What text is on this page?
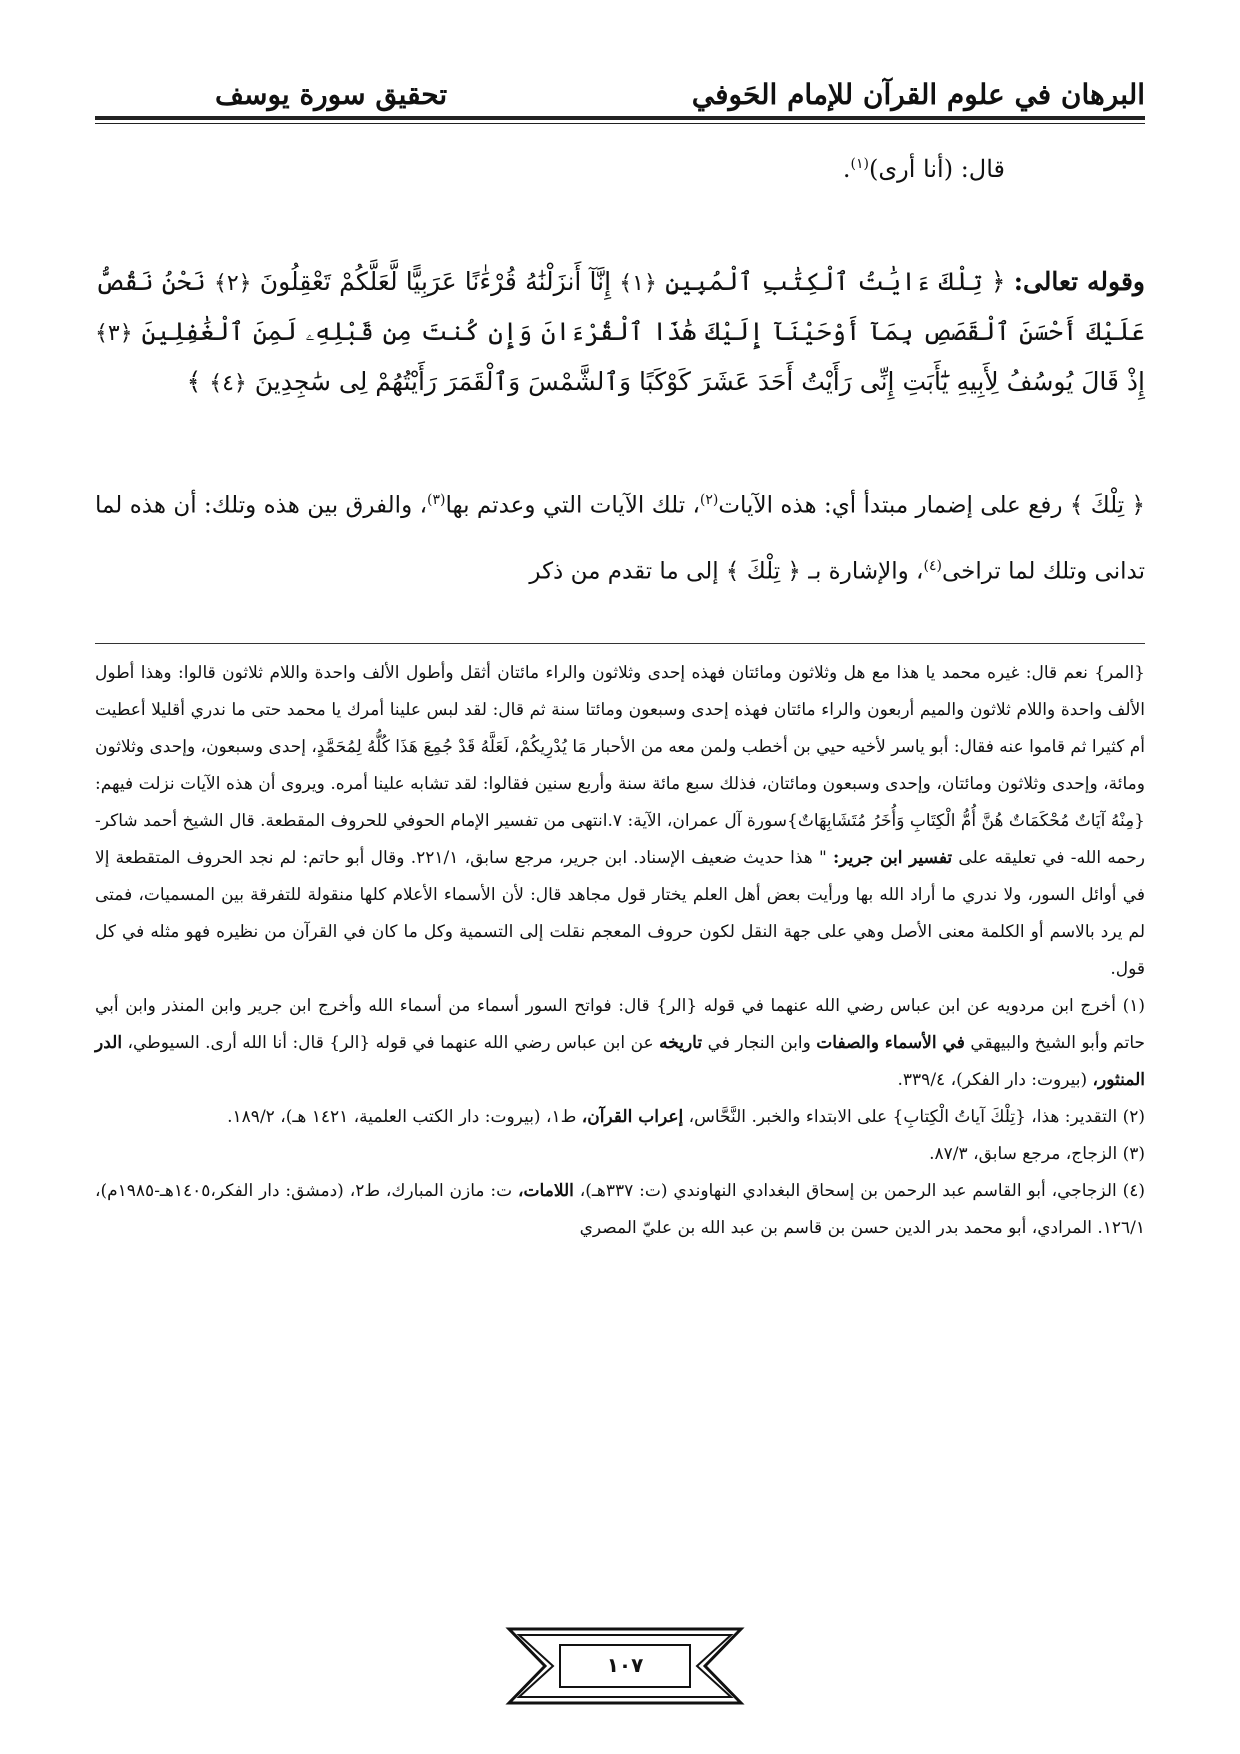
البرهان في علوم القرآن للإمام الحَوفي
تحقيق سورة يوسف
قال: (أنا أرى)$^{(١)}$.
وقوله تعالى: ﴿ تِلْكَ ءَايَٰتُ ٱلْكِتَٰبِ ٱلْمُبِينِ ﴿١﴾ إِنَّآ أَنزَلْنَٰهُ قُرْءَٰنًا عَرَبِيًّا لَّعَلَّكُمْ تَعْقِلُونَ ﴿٢﴾ نَحْنُ نَقُصُّ عَلَيْكَ أَحْسَنَ ٱلْقَصَصِ بِمَآ أَوْحَيْنَآ إِلَيْكَ هَٰذَا ٱلْقُرْءَانَ وَإِن كُنتَ مِن قَبْلِهِۦ لَمِنَ ٱلْغَٰفِلِينَ ﴿٣﴾ إِذْ قَالَ يُوسُفُ لِأَبِيهِ يَٰٓأَبَتِ إِنِّى رَأَيْتُ أَحَدَ عَشَرَ كَوْكَبًا وَٱلشَّمْسَ وَٱلْقَمَرَ رَأَيْتُهُمْ لِى سَٰجِدِينَ ﴿٤﴾ ﴾
﴿ تِلْكَ ﴾ رفع على إضمار مبتدأ أي: هذه الآيات$^{(٢)}$، تلك الآيات التي وعدتم بها$^{(٣)}$، والفرق بين هذه وتلك: أن هذه لما تدانى وتلك لما تراخى$^{(٤)}$، والإشارة بـ ﴿ تِلْكَ ﴾ إلى ما تقدم من ذكر

{المر} نعم قال: غيره محمد يا هذا مع هل وثلاثون ومائتان فهذه إحدى وثلاثون والراء مائتان أثقل وأطول الألف واحدة واللام ثلاثون قالوا: وهذا أطول الألف واحدة واللام ثلاثون والميم أربعون والراء مائتان فهذه إحدى وسبعون ومائتا سنة ثم قال: لقد لبس علينا أمرك يا محمد حتى ما ندري أقليلا أعطيت أم كثيرا ثم قاموا عنه فقال: أبو ياسر لأخيه حيي بن أخطب ولمن معه من الأحبار مَا يُدْرِيكُمْ، لَعَلَّهُ قَدْ جُمِعَ هَذَا كُلُّهُ لِمُحَمَّدٍ، إحدى وسبعون، وإحدى وثلاثون ومائة، وإحدى وثلاثون ومائتان، وإحدى وسبعون ومائتان، فذلك سبع مائة سنة وأربع سنين فقالوا: لقد تشابه علينا أمره. ويروى أن هذه الآيات نزلت فيهم:{مِنْهُ آيَاتٌ مُحْكَمَاتٌ هُنَّ أُمُّ الْكِتَابِ وَأُخَرُ مُتَشَابِهَاتٌ}سورة آل عمران، الآية: ٧.انتهى من تفسير الإمام الحوفي للحروف المقطعة. قال الشيخ أحمد شاكر- رحمه الله- في تعليقه على تفسير ابن جرير: " هذا حديث ضعيف الإسناد. ابن جرير، مرجع سابق، ٢٢١/١. وقال أبو حاتم: لم نجد الحروف المتقطعة إلا في أوائل السور، ولا ندري ما أراد الله بها ورأيت بعض أهل العلم يختار قول مجاهد قال: لأن الأسماء الأعلام كلها منقولة للتفرقة بين المسميات، فمتى لم يرد بالاسم أو الكلمة معنى الأصل وهي على جهة النقل لكون حروف المعجم نقلت إلى التسمية وكل ما كان في القرآن من نظيره فهو مثله في كل قول.

(١) أخرج ابن مردويه عن ابن عباس رضي الله عنهما في قوله {الر} قال: فواتح السور أسماء من أسماء الله وأخرج ابن جرير وابن المنذر وابن أبي حاتم وأبو الشيخ والبيهقي في الأسماء والصفات وابن النجار في تاريخه عن ابن عباس رضي الله عنهما في قوله {الر} قال: أنا الله أرى. السيوطي، الدر المنثور، (بيروت: دار الفكر)، ٣٣٩/٤.

(٢) التقدير: هذا، {تِلْكَ آياتُ الْكِتابِ} على الابتداء والخبر. النَّحَّاس، إعراب القرآن، ط١، (بيروت: دار الكتب العلمية، ١٤٢١ هـ)، ١٨٩/٢.

(٣) الزجاج، مرجع سابق، ٨٧/٣.

(٤) الزجاجي، أبو القاسم عبد الرحمن بن إسحاق البغدادي النهاوندي (ت: ٣٣٧هـ)، اللامات، ت: مازن المبارك، ط٢، (دمشق: دار الفكر،١٤٠٥هـ-١٩٨٥م)، ١٢٦/١. المرادي، أبو محمد بدر الدين حسن بن قاسم بن عبد الله بن عليّ المصري

١٠٧
